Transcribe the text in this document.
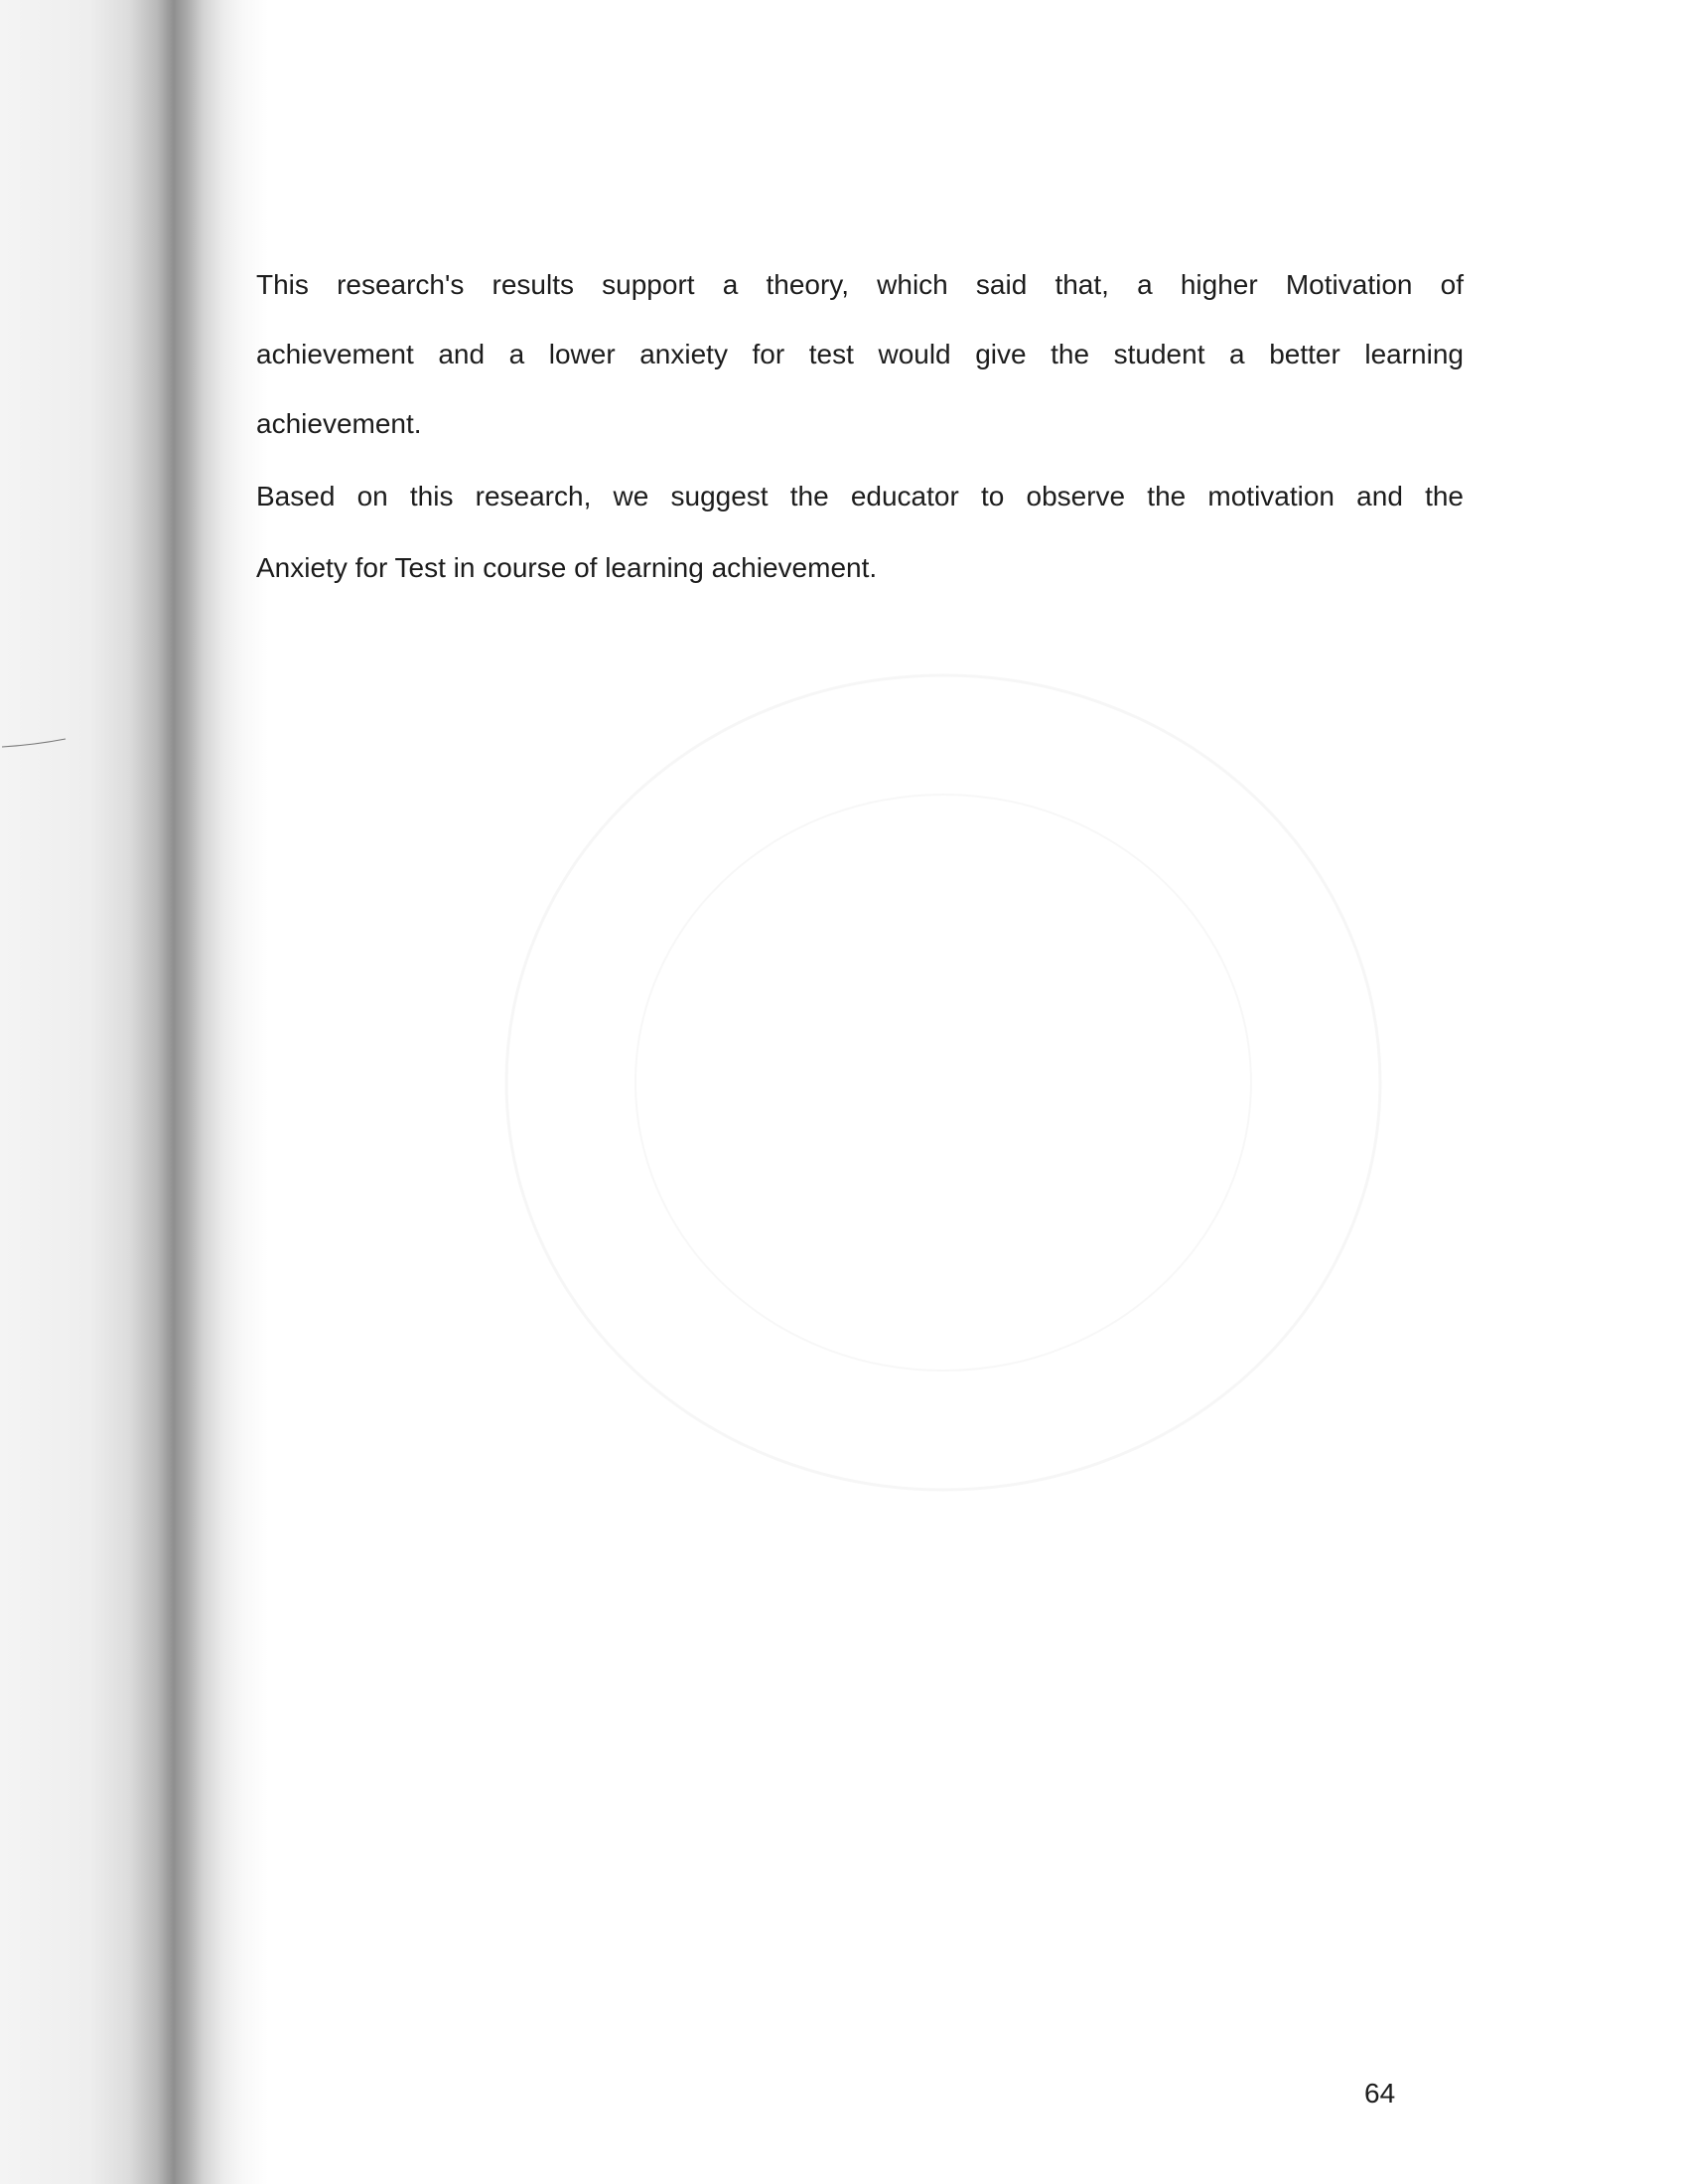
This research's results support a theory, which said that, a higher Motivation of
achievement and a lower anxiety for test would give the student a better learning
achievement.
Based on this research, we suggest the educator to observe the motivation and the
Anxiety for Test in course of learning achievement.
64
